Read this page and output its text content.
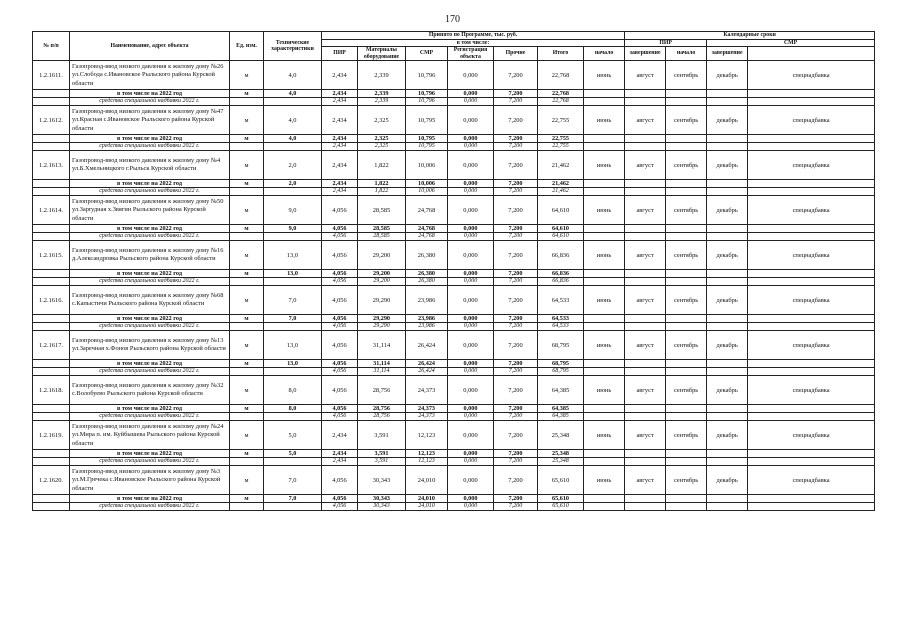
170
№ п/п	Наименование, адрес объекта	Ед. изм.	Технические характеристики	Принято по Программе, тыс. руб.							Календарные сроки	
				в том числе:							ПИР		СМР		
				ПИР	Материалы оборудование	СМР	Регистрация объекта	Прочие	Итого	начало	завершение	начало	завершение		
1.2.1611.	Газопровод-ввод низкого давления к жилому дому №26 ул.Слобода с.Ивановское Рыльского района Курской области	м	4,0	2,434	2,339	10,796	0,000	7,200	22,768	июнь	август	сентябрь	декабрь	спецнадбавка	
	в том числе на 2022 год	м	4,0	2,434	2,339	10,796	0,000	7,200	22,768						
	средства специальной надбавки 2022 г.			2,434	2,339	10,796	0,000	7,200	22,768						
1.2.1612.	Газопровод-ввод низкого давления к жилому дому №47 ул.Красная с.Ивановское Рыльского района Курской области	м	4,0	2,434	2,325	10,795	0,000	7,200	22,755	июнь	август	сентябрь	декабрь	спецнадбавка	
	в том числе на 2022 год	м	4,0	2,434	2,325	10,795	0,000	7,200	22,755						
	средства специальной надбавки 2022 г.			2,434	2,325	10,795	0,000	7,200	22,755						
1.2.1613.	Газопровод-ввод низкого давления к жилому дому №4 ул.Б.Хмельницкого г.Рыльск Курской области	м	2,0	2,434	1,822	10,006	0,000	7,200	21,462	июнь	август	сентябрь	декабрь	спецнадбавка	
	в том числе на 2022 год	м	2,0	2,434	1,822	10,006	0,000	7,200	21,462						
	средства специальной надбавки 2022 г.			2,434	1,822	10,006	0,000	7,200	21,462						
1.2.1614.	Газопровод-ввод низкого давления к жилому дому №50 ул.Заprудная х.Звягин Рыльского района Курской области	м	9,0	4,056	28,585	24,768	0,000	7,200	64,610	июнь	август	сентябрь	декабрь	спецнадбавка	
	в том числе на 2022 год	м	9,0	4,056	28,585	24,768	0,000	7,200	64,610						
	средства специальной надбавки 2022 г.			4,056	28,585	24,768	0,000	7,200	64,610						
1.2.1615.	Газопровод-ввод низкого давления к жилому дому №16 д.Александровка Рыльского района Курской области	м	13,0	4,056	29,200	26,380	0,000	7,200	66,836	июнь	август	сентябрь	декабрь	спецнадбавка	
	в том числе на 2022 год	м	13,0	4,056	29,200	26,380	0,000	7,200	66,836						
	средства специальной надбавки 2022 г.			4,056	29,200	26,380	0,000	7,200	66,836						
1.2.1616.	Газопровод-ввод низкого давления к жилому дому №68 с.Капыстичи Рыльского района Курской области	м	7,0	4,056	29,290	23,986	0,000	7,200	64,533	июнь	август	сентябрь	декабрь	спецнадбавка	
	в том числе на 2022 год	м	7,0	4,056	29,290	23,986	0,000	7,200	64,533						
	средства специальной надбавки 2022 г.			4,056	29,290	23,986	0,000	7,200	64,533						
1.2.1617.	Газопровод-ввод низкого давления к жилому дому №13 ул.Заречная х.Фонов Рыльского района Курской области	м	13,0	4,056	31,114	26,424	0,000	7,200	68,795	июнь	август	сентябрь	декабрь	спецнадбавка	
	в том числе на 2022 год	м	13,0	4,056	31,114	26,424	0,000	7,200	68,795						
	средства специальной надбавки 2022 г.			4,056	31,114	26,424	0,000	7,200	68,795						
1.2.1618.	Газопровод-ввод низкого давления к жилому дому №32 с.Волобуево Рыльского района Курской области	м	8,0	4,056	28,756	24,373	0,000	7,200	64,385	июнь	август	сентябрь	декабрь	спецнадбавка	
	в том числе на 2022 год	м	8,0	4,056	28,756	24,373	0,000	7,200	64,385						
	средства специальной надбавки 2022 г.			4,056	28,756	24,373	0,000	7,200	64,385						
1.2.1619.	Газопровод-ввод низкого давления к жилому дому №24 ул.Мира п. им. Куйбышева Рыльского района Курской области	м	5,0	2,434	3,591	12,123	0,000	7,200	25,348	июнь	август	сентябрь	декабрь	спецнадбавка	
	в том числе на 2022 год	м	5,0	2,434	3,591	12,123	0,000	7,200	25,348						
	средства специальной надбавки 2022 г.			2,434	3,591	12,123	0,000	7,200	25,348						
1.2.1620.	Газопровод-ввод низкого давления к жилому дому №3 ул.М.Гречека с.Ивановское Рыльского района Курской области	м	7,0	4,056	30,343	24,010	0,000	7,200	65,610	июнь	август	сентябрь	декабрь	спецнадбавка	
	в том числе на 2022 год	м	7,0	4,056	30,343	24,010	0,000	7,200	65,610						
	средства специальной надбавки 2022 г.			4,056	30,343	24,010	0,000	7,200	65,610						
